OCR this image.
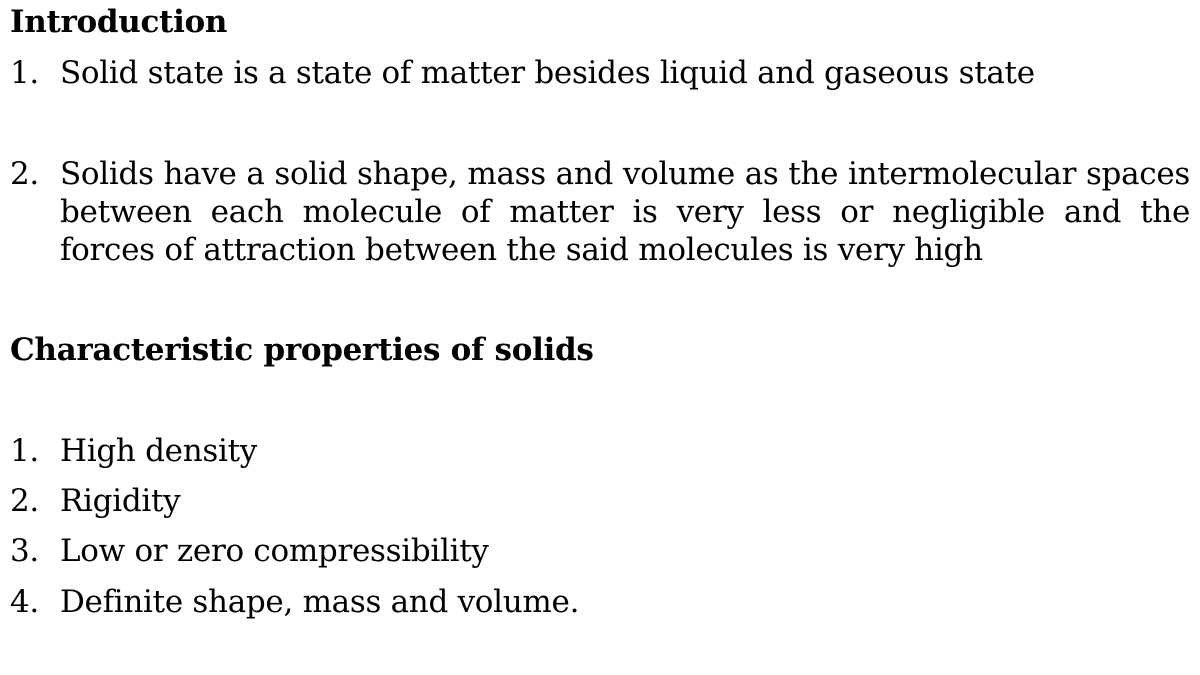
Introduction
1. Solid state is a state of matter besides liquid and gaseous state
2. Solids have a solid shape, mass and volume as the intermolecular spaces between each molecule of matter is very less or negligible and the forces of attraction between the said molecules is very high
Characteristic properties of solids
1. High density
2. Rigidity
3. Low or zero compressibility
4. Definite shape, mass and volume.
